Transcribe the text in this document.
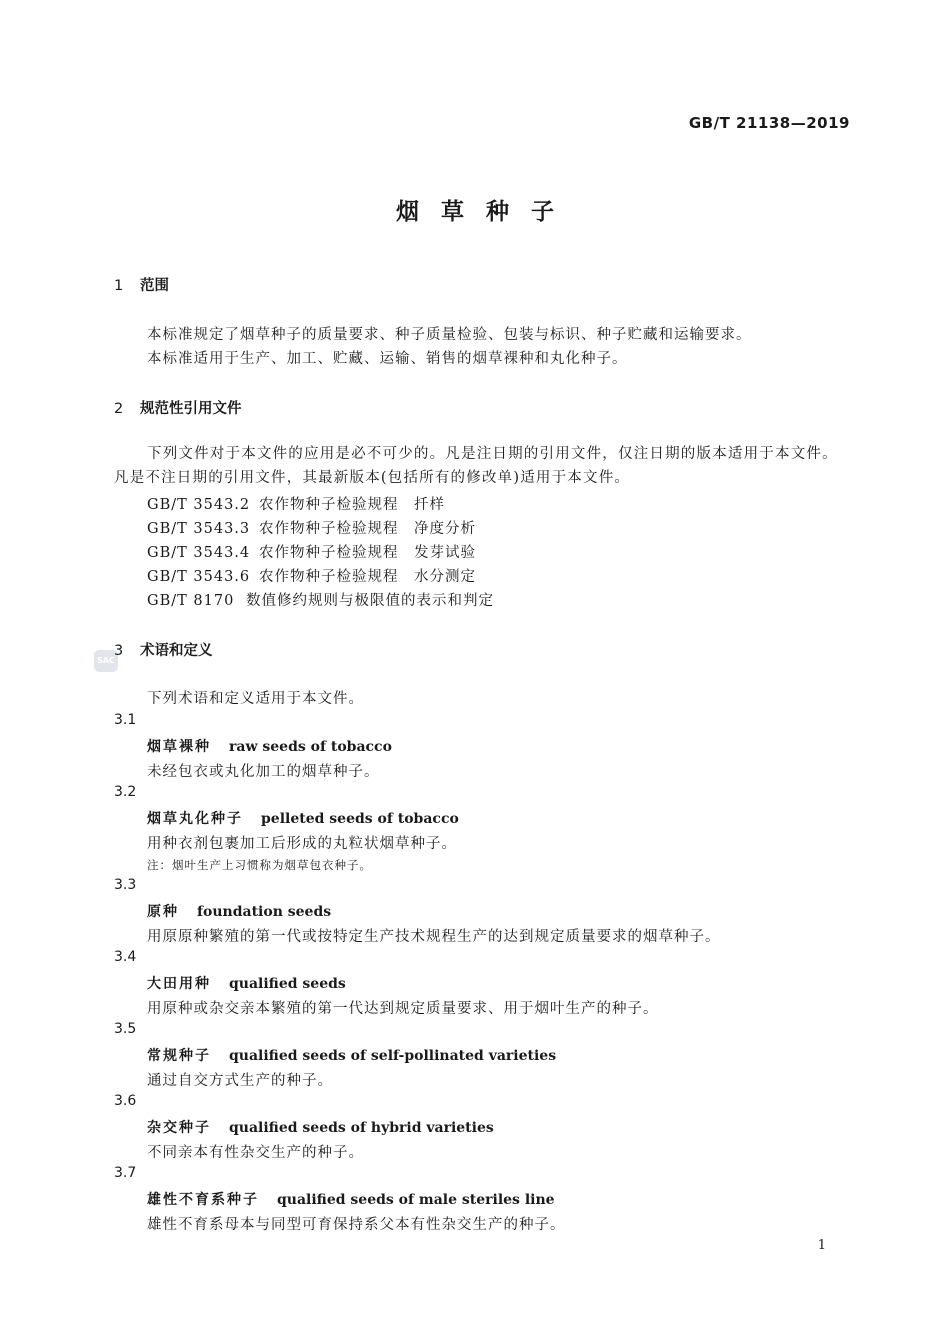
GB/T 21138—2019
烟草种子
1 范围
本标准规定了烟草种子的质量要求、种子质量检验、包装与标识、种子贮藏和运输要求。
本标准适用于生产、加工、贮藏、运输、销售的烟草裸种和丸化种子。
2 规范性引用文件
下列文件对于本文件的应用是必不可少的。凡是注日期的引用文件，仅注日期的版本适用于本文件。凡是不注日期的引用文件，其最新版本(包括所有的修改单)适用于本文件。
GB/T 3543.2 农作物种子检验规程　扦样
GB/T 3543.3 农作物种子检验规程　净度分析
GB/T 3543.4 农作物种子检验规程　发芽试验
GB/T 3543.6 农作物种子检验规程　水分测定
GB/T 8170 数值修约规则与极限值的表示和判定
SAC
3 术语和定义
下列术语和定义适用于本文件。
3.1
烟草裸种 raw seeds of tobacco
未经包衣或丸化加工的烟草种子。
3.2
烟草丸化种子 pelleted seeds of tobacco
用种衣剂包裹加工后形成的丸粒状烟草种子。
注：烟叶生产上习惯称为烟草包衣种子。
3.3
原种 foundation seeds
用原原种繁殖的第一代或按特定生产技术规程生产的达到规定质量要求的烟草种子。
3.4
大田用种 qualified seeds
用原种或杂交亲本繁殖的第一代达到规定质量要求、用于烟叶生产的种子。
3.5
常规种子 qualified seeds of self-pollinated varieties
通过自交方式生产的种子。
3.6
杂交种子 qualified seeds of hybrid varieties
不同亲本有性杂交生产的种子。
3.7
雄性不育系种子 qualified seeds of male steriles line
雄性不育系母本与同型可育保持系父本有性杂交生产的种子。
1
